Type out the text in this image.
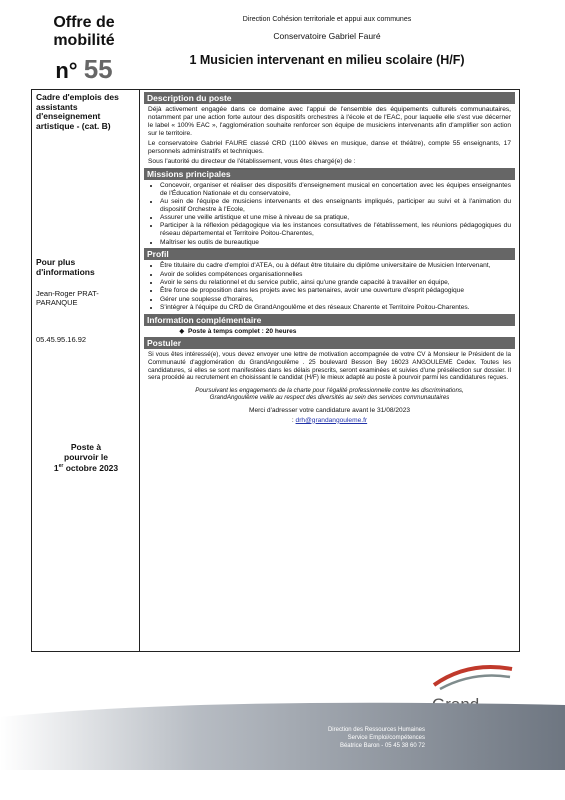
Offre de
mobilité
n° 55
Direction Cohésion territoriale et appui aux communes
Conservatoire Gabriel Fauré
1 Musicien intervenant en milieu scolaire (H/F)
Cadre d'emplois des assistants d'enseignement artistique - (cat. B)
Pour plus d'informations
Jean-Roger PRAT-PARANQUE
05.45.95.16.92
Poste à
pourvoir le
1er octobre 2023
Description du poste
Déjà activement engagée dans ce domaine avec l'appui de l'ensemble des équipements culturels communautaires, notamment par une action forte autour des dispositifs orchestres à l'école et de l'EAC, pour laquelle elle s'est vue décerner le label « 100% EAC », l'agglomération souhaite renforcer son équipe de musiciens intervenants afin d'amplifier son action sur le territoire.
Le conservatoire Gabriel FAURE classé CRD (1100 élèves en musique, danse et théâtre), compte 55 enseignants, 17 personnels administratifs et techniques.
Sous l'autorité du directeur de l'établissement, vous êtes chargé(e) de :
Missions principales
• Concevoir, organiser et réaliser des dispositifs d'enseignement musical en concertation avec les équipes enseignantes de l'Éducation Nationale et du conservatoire,
• Au sein de l'équipe de musiciens intervenants et des enseignants impliqués, participer au suivi et à l'animation du dispositif Orchestre à l'Ecole,
• Assurer une veille artistique et une mise à niveau de sa pratique,
• Participer à la réflexion pédagogique via les instances consultatives de l'établissement, les réunions pédagogiques du réseau départemental et Territoire Poitou-Charentes,
• Maîtriser les outils de bureautique
Profil
• Être titulaire du cadre d'emploi d'ATEA, ou à défaut être titulaire du diplôme universitaire de Musicien Intervenant,
• Avoir de solides compétences organisationnelles
• Avoir le sens du relationnel et du service public, ainsi qu'une grande capacité à travailler en équipe,
• Être force de proposition dans les projets avec les partenaires, avoir une ouverture d'esprit pédagogique
• Gérer une souplesse d'horaires,
• S'intégrer à l'équipe du CRD de GrandAngoulême et des réseaux Charente et Territoire Poitou-Charentes.
Information complémentaire
◆ Poste à temps complet : 20 heures
Postuler
Si vous êtes intéressé(e), vous devez envoyer une lettre de motivation accompagnée de votre CV à Monsieur le Président de la Communauté d'agglomération du GrandAngoulême . 25 boulevard Besson Bey 16023 ANGOULEME Cedex. Toutes les candidatures, si elles se sont manifestées dans les délais prescrits, seront examinées et suivies d'une présélection sur dossier. Il sera procédé au recrutement en choisissant le candidat (H/F) le mieux adapté au poste à pourvoir parmi les candidatures reçues.
Poursuivant les engagements de la charte pour l'égalité professionnelle contre les discriminations, GrandAngoulême veille au respect des diversités au sein des services communautaires
Merci d'adresser votre candidature avant le 31/08/2023
: drh@grandangouleme.fr
Direction des Ressources Humaines
Service Emploi/compétences
Béatrice Baron - 05 45 38 60 72
